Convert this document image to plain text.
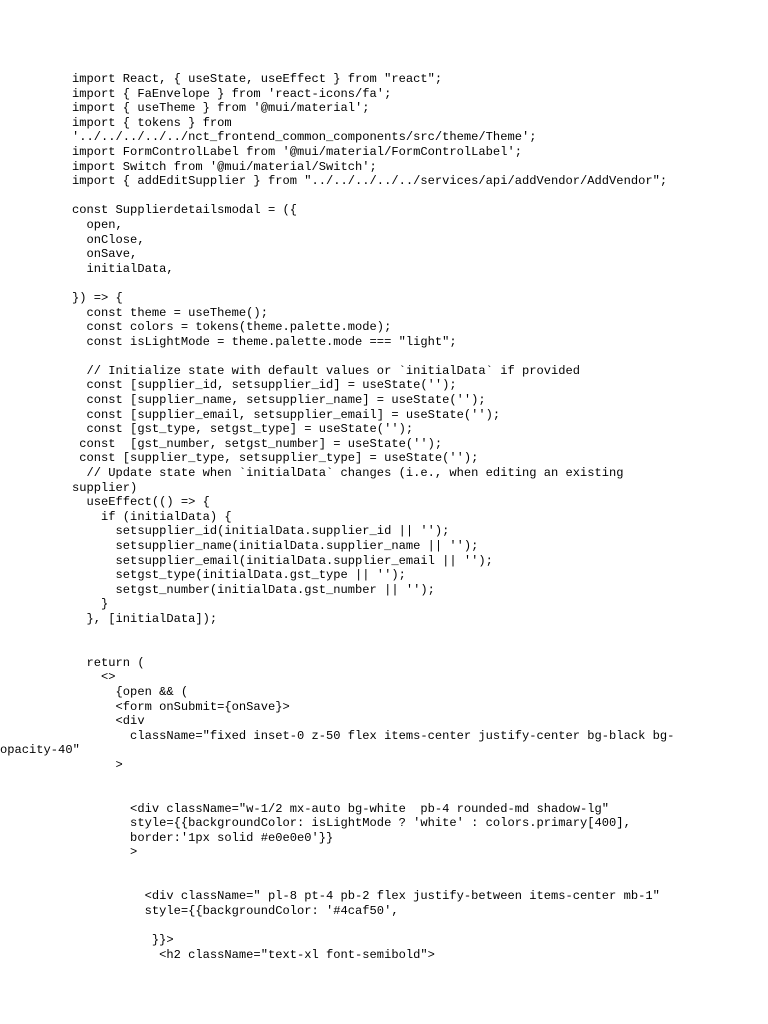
import React, { useState, useEffect } from "react";
import { FaEnvelope } from 'react-icons/fa';
import { useTheme } from '@mui/material';
import { tokens } from
'../../../../../nct_frontend_common_components/src/theme/Theme';
import FormControlLabel from '@mui/material/FormControlLabel';
import Switch from '@mui/material/Switch';
import { addEditSupplier } from "../../../../../services/api/addVendor/AddVendor";
const Supplierdetailsmodal = ({
open,
onClose,
onSave,
initialData,
}) => {
const theme = useTheme();
const colors = tokens(theme.palette.mode);
const isLightMode = theme.palette.mode === "light";
// Initialize state with default values or `initialData` if provided
const [supplier_id, setsupplier_id] = useState('');
const [supplier_name, setsupplier_name] = useState('');
const [supplier_email, setsupplier_email] = useState('');
const [gst_type, setgst_type] = useState('');
const  [gst_number, setgst_number] = useState('');
const [supplier_type, setsupplier_type] = useState('');
// Update state when `initialData` changes (i.e., when editing an existing
supplier)
useEffect(() => {
if (initialData) {
setsupplier_id(initialData.supplier_id || '');
setsupplier_name(initialData.supplier_name || '');
setsupplier_email(initialData.supplier_email || '');
setgst_type(initialData.gst_type || '');
setgst_number(initialData.gst_number || '');
}
}, [initialData]);
return (
<>
{open && (
<form onSubmit={onSave}>
<div
className="fixed inset-0 z-50 flex items-center justify-center bg-black bg-
opacity-40"
>
<div className="w-1/2 mx-auto bg-white  pb-4 rounded-md shadow-lg"
style={{backgroundColor: isLightMode ? 'white' : colors.primary[400],
border:'1px solid #e0e0e0'}}
>
<div className=" pl-8 pt-4 pb-2 flex justify-between items-center mb-1"
style={{backgroundColor: '#4caf50',
}}>
<h2 className="text-xl font-semibold">
